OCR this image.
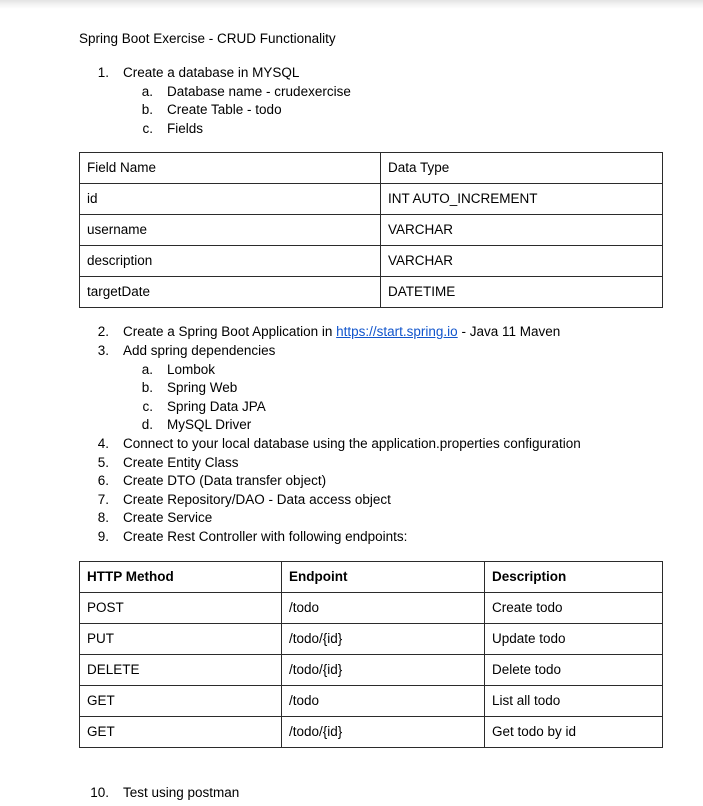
Spring Boot Exercise - CRUD Functionality

1. Create a database in MYSQL
a. Database name - crudexercise
b. Create Table - todo
c. Fields
Field Name	Data Type
id	INT AUTO_INCREMENT
username	VARCHAR
description	VARCHAR
targetDate	DATETIME
2. Create a Spring Boot Application in https://start.spring.io - Java 11 Maven
3. Add spring dependencies
a. Lombok
b. Spring Web
c. Spring Data JPA
d. MySQL Driver
4. Connect to your local database using the application.properties configuration
5. Create Entity Class
6. Create DTO (Data transfer object)
7. Create Repository/DAO - Data access object
8. Create Service
9. Create Rest Controller with following endpoints:
HTTP Method	Endpoint	Description
POST	/todo	Create todo
PUT	/todo/{id}	Update todo
DELETE	/todo/{id}	Delete todo
GET	/todo	List all todo
GET	/todo/{id}	Get todo by id
10. Test using postman
